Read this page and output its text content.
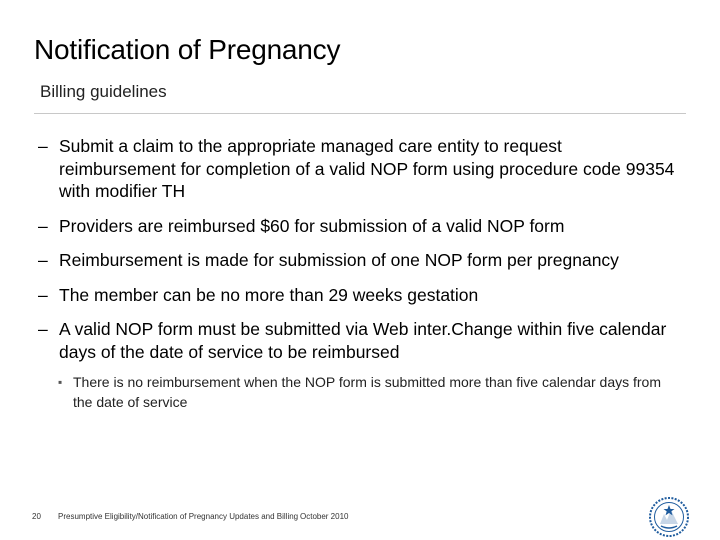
Notification of Pregnancy
Billing guidelines
– Submit a claim to the appropriate managed care entity to request reimbursement for completion of a valid NOP form using procedure code 99354 with modifier TH
– Providers are reimbursed $60 for submission of a valid NOP form
– Reimbursement is made for submission of one NOP form per pregnancy
– The member can be no more than 29 weeks gestation
– A valid NOP form must be submitted via Web inter.Change within five calendar days of the date of service to be reimbursed
▪ There is no reimbursement when the NOP form is submitted more than five calendar days from the date of service
20 Presumptive Eligibility/Notification of Pregnancy Updates and Billing October 2010
